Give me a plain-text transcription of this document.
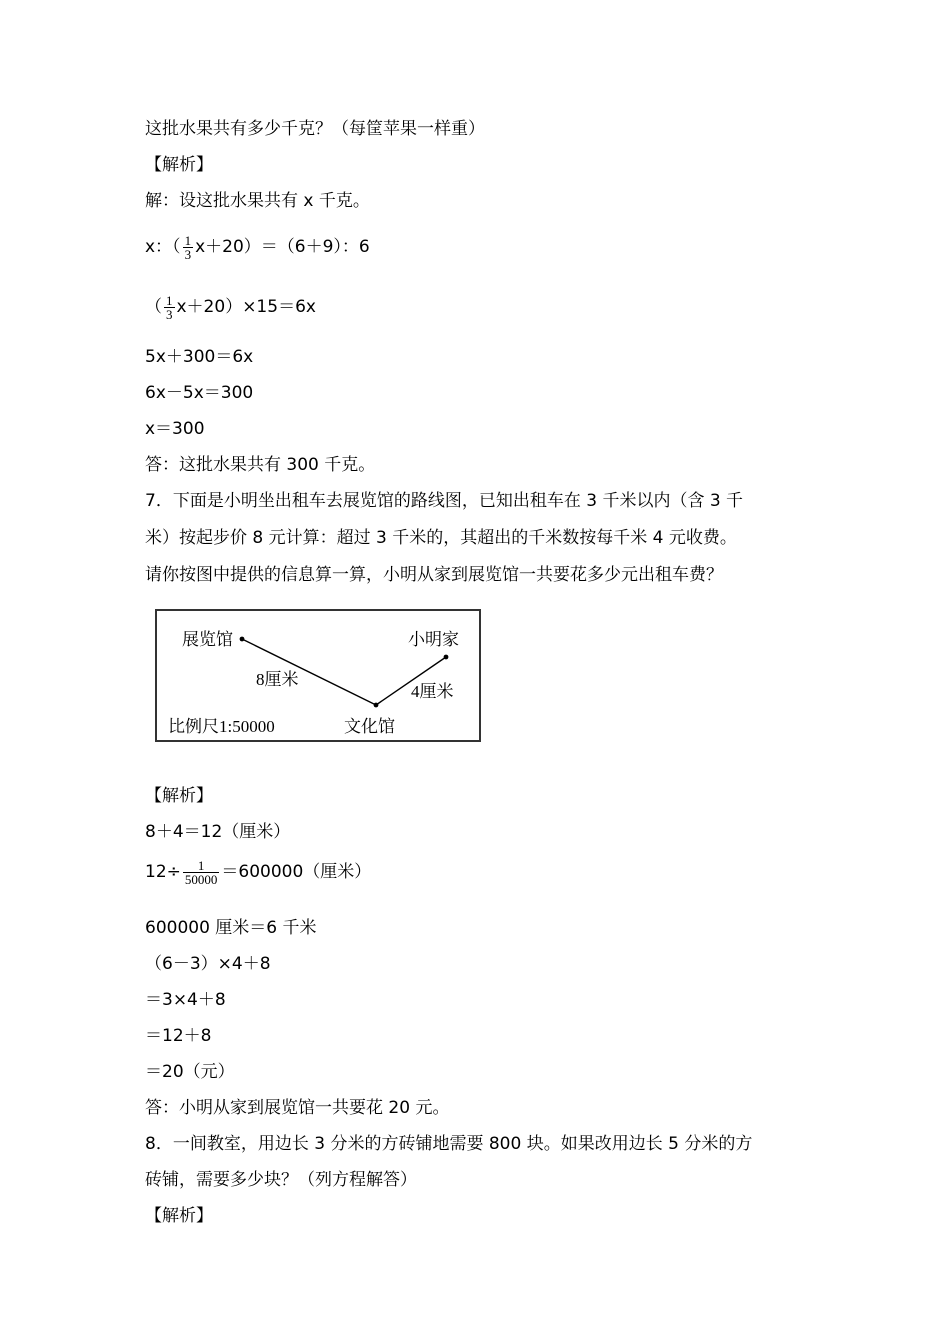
这批水果共有多少千克？（每筐苹果一样重）
【解析】
解：设这批水果共有 x 千克。
x：（ $\frac{1}{3} x+20)=(6+9)$：6
（ $\frac{1}{3} x+20)\times 15=6x$
5x＋300＝6x
6x－5x＝300
x＝300
答：这批水果共有 300 千克。
7．下面是小明坐出租车去展览馆的路线图，已知出租车在 3 千米以内（含 3 千
米）按起步价 8 元计算：超过 3 千米的，其超出的千米数按每千米 4 元收费。
请你按图中提供的信息算一算，小明从家到展览馆一共要花多少元出租车费？
展览馆	小明家
8厘米
4厘米
文化馆
比例尺1:50000
【解析】
8＋4＝12（厘米）
$12\div \frac{1}{50000} =600000$（厘米）
600000 厘米＝6 千米
（6－3）×4＋8
＝3×4＋8
＝12＋8
＝20（元）
答：小明从家到展览馆一共要花 20 元。
8．一间教室，用边长 3 分米的方砖铺地需要 800 块。如果改用边长 5 分米的方
砖铺，需要多少块？（列方程解答）
【解析】
